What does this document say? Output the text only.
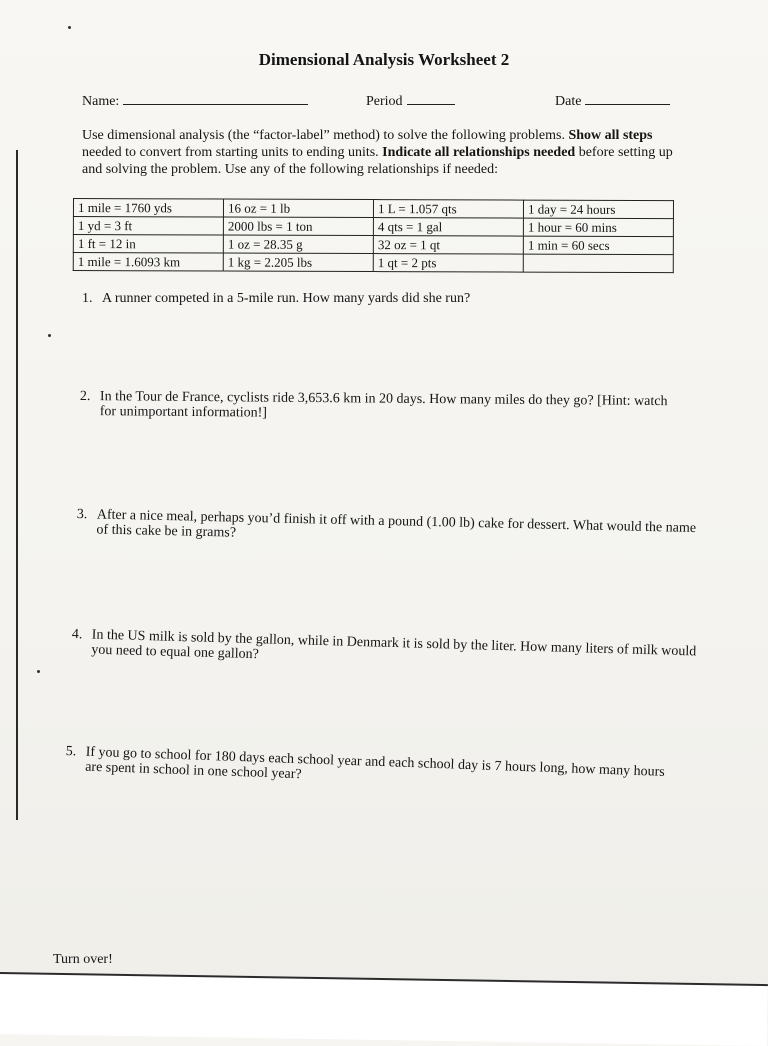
Dimensional Analysis Worksheet 2
Name:	Period	Date
Use dimensional analysis (the “factor-label” method) to solve the following problems. Show all steps needed to convert from starting units to ending units. Indicate all relationships needed before setting up and solving the problem. Use any of the following relationships if needed:
1 mile = 1760 yds	16 oz = 1 lb	1 L = 1.057 qts	1 day = 24 hours
1 yd = 3 ft	2000 lbs = 1 ton	4 qts = 1 gal	1 hour = 60 mins
1 ft = 12 in	1 oz = 28.35 g	32 oz = 1 qt	1 min = 60 secs
1 mile = 1.6093 km	1 kg = 2.205 lbs	1 qt = 2 pts	
1. A runner competed in a 5-mile run. How many yards did she run?
2. In the Tour de France, cyclists ride 3,653.6 km in 20 days. How many miles do they go? [Hint: watch for unimportant information!]
3. After a nice meal, perhaps you’d finish it off with a pound (1.00 lb) cake for dessert. What would the name of this cake be in grams?
4. In the US milk is sold by the gallon, while in Denmark it is sold by the liter. How many liters of milk would you need to equal one gallon?
5. If you go to school for 180 days each school year and each school day is 7 hours long, how many hours are spent in school in one school year?
Turn over!
